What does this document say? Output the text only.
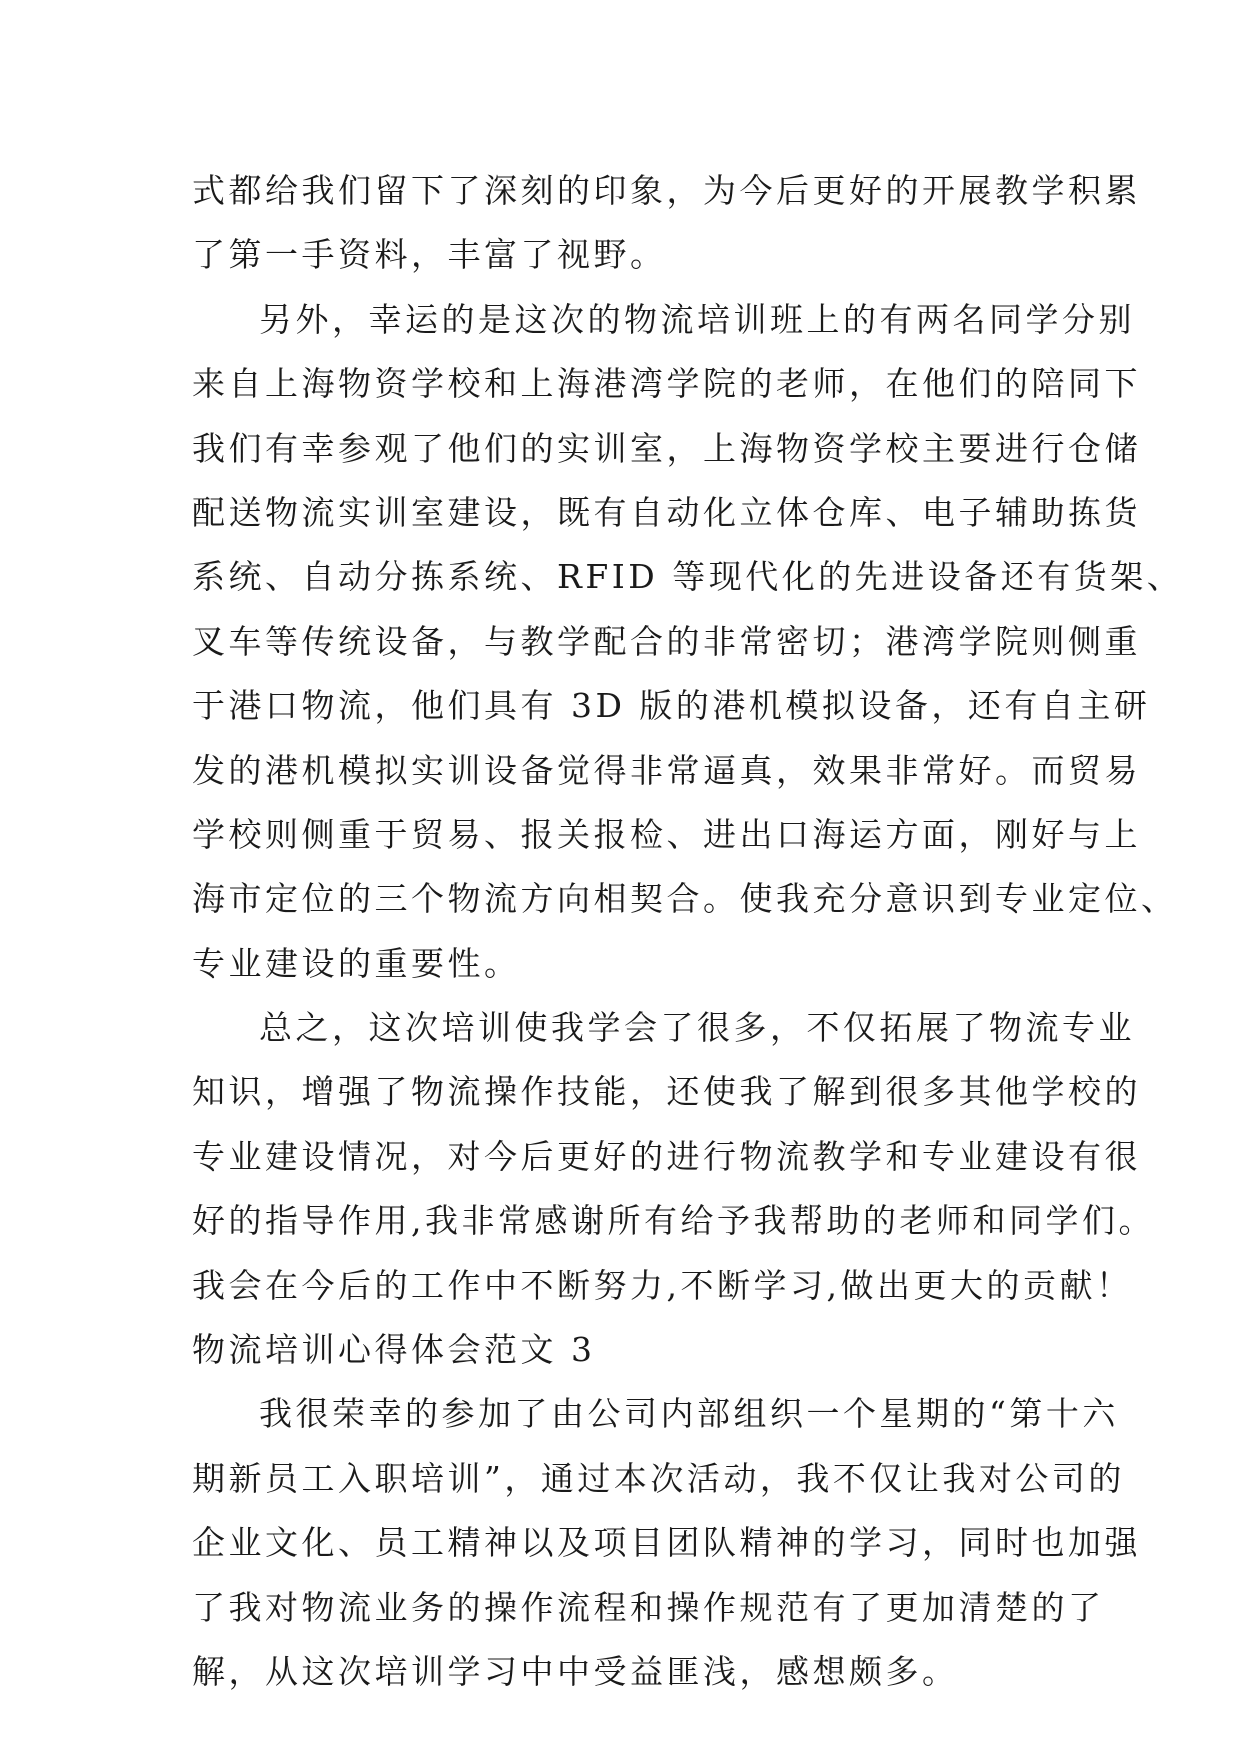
式都给我们留下了深刻的印象，为今后更好的开展教学积累
了第一手资料，丰富了视野。
另外，幸运的是这次的物流培训班上的有两名同学分别
来自上海物资学校和上海港湾学院的老师，在他们的陪同下
我们有幸参观了他们的实训室，上海物资学校主要进行仓储
配送物流实训室建设，既有自动化立体仓库、电子辅助拣货
系统、自动分拣系统、RFID 等现代化的先进设备还有货架、
叉车等传统设备，与教学配合的非常密切；港湾学院则侧重
于港口物流，他们具有 3D 版的港机模拟设备，还有自主研
发的港机模拟实训设备觉得非常逼真，效果非常好。而贸易
学校则侧重于贸易、报关报检、进出口海运方面，刚好与上
海市定位的三个物流方向相契合。使我充分意识到专业定位、
专业建设的重要性。
总之，这次培训使我学会了很多，不仅拓展了物流专业
知识，增强了物流操作技能，还使我了解到很多其他学校的
专业建设情况，对今后更好的进行物流教学和专业建设有很
好的指导作用,我非常感谢所有给予我帮助的老师和同学们。
我会在今后的工作中不断努力,不断学习,做出更大的贡献！
物流培训心得体会范文 3
我很荣幸的参加了由公司内部组织一个星期的“第十六
期新员工入职培训”，通过本次活动，我不仅让我对公司的
企业文化、员工精神以及项目团队精神的学习，同时也加强
了我对物流业务的操作流程和操作规范有了更加清楚的了
解，从这次培训学习中中受益匪浅，感想颇多。
